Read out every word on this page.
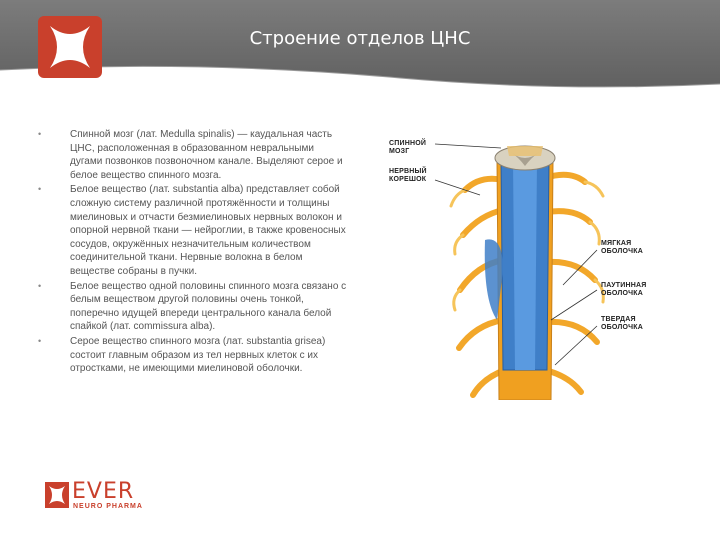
Строение отделов ЦНС
•	Спинной мозг (лат. Medulla spinalis) — каудальная часть ЦНС, расположенная в образованном невральными дугами позвонков позвоночном канале. Выделяют серое и белое вещество спинного мозга.
•	Белое вещество (лат. substantia alba) представляет собой сложную систему различной протяжённости и толщины миелиновых и отчасти безмиелиновых нервных волокон и опорной нервной ткани — нейроглии, в также кровеносных сосудов, окружённых незначительным количеством соединительной ткани. Нервные волокна в белом веществе собраны в пучки.
•	Белое вещество одной половины спинного мозга связано с белым веществом другой половины очень тонкой, поперечно идущей впереди центрального канала белой спайкой (лат. commissura alba).
•	Серое вещество спинного мозга (лат. substantia grisea) состоит главным образом из тел нервных клеток с их отростками, не имеющими миелиновой оболочки.
СПИННОЙ
МОЗГ
НЕРВНЫЙ
КОРЕШОК
МЯГКАЯ
ОБОЛОЧКА
ПАУТИННАЯ
ОБОЛОЧКА
ТВЕРДАЯ
ОБОЛОЧКА
EVER
NEURO PHARMA
